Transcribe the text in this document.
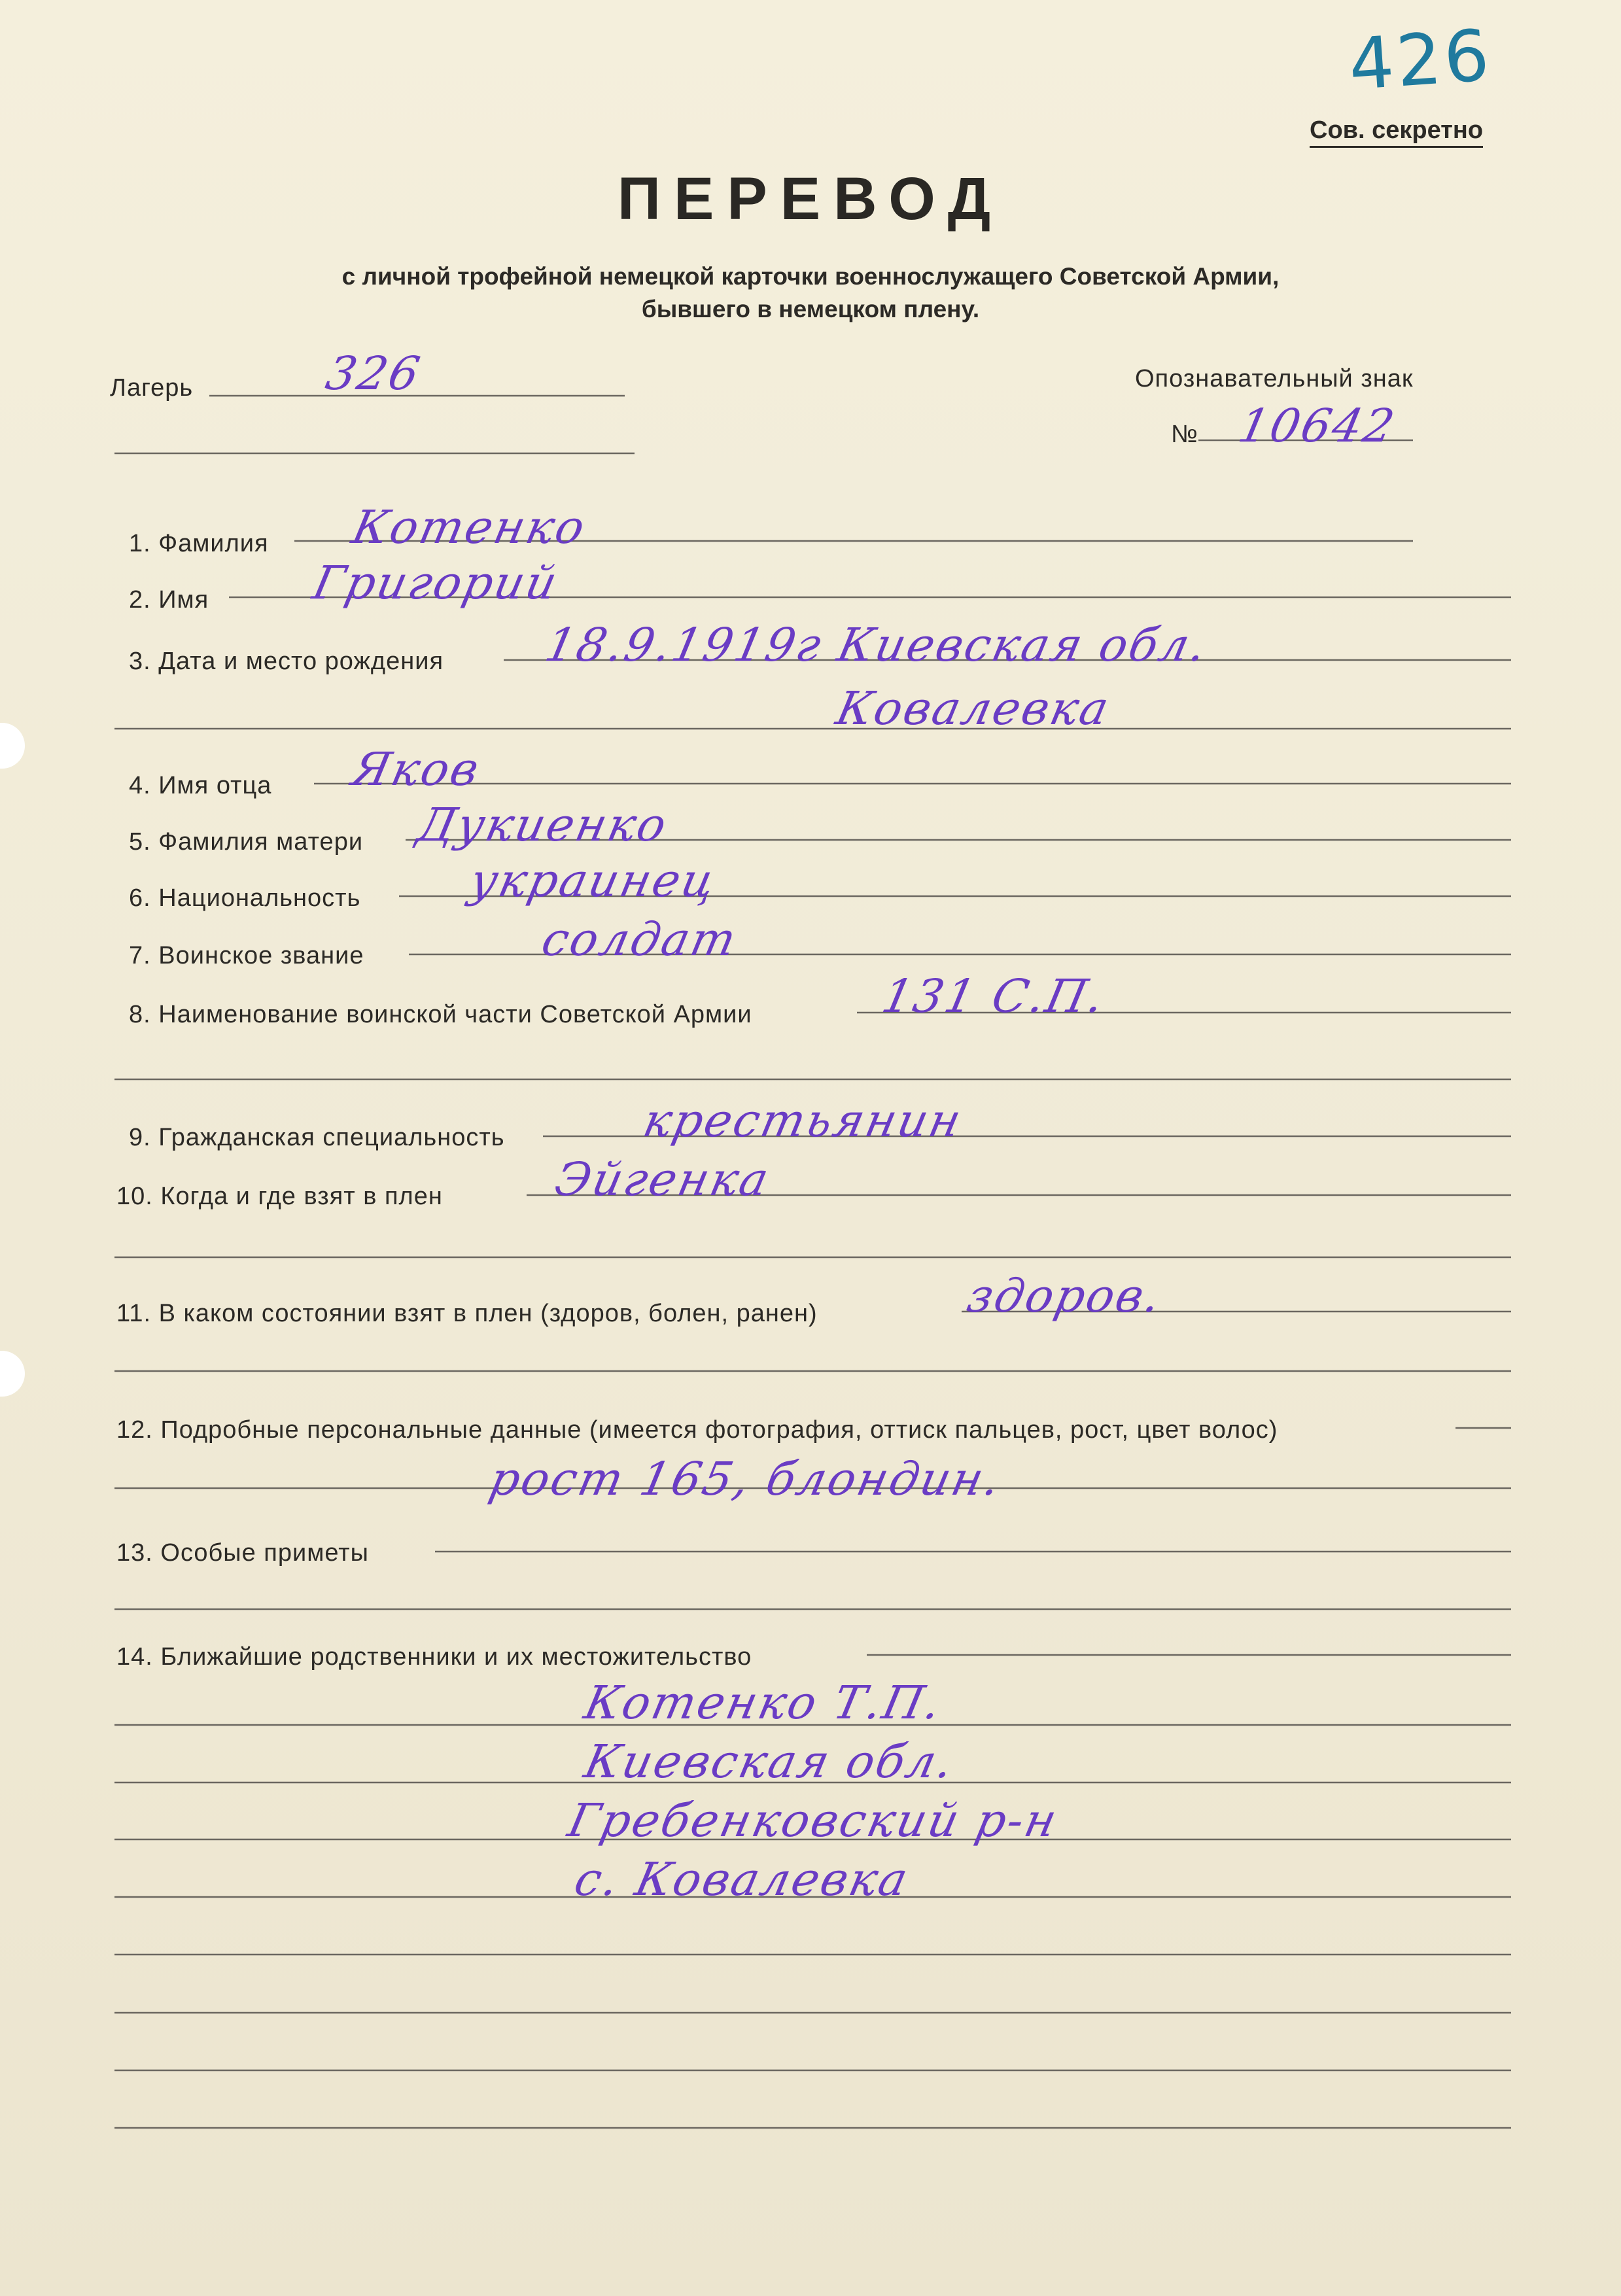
426
Сов. секретно
ПЕРЕВОД
с личной трофейной немецкой карточки военнослужащего Советской Армии,
бывшего в немецком плену.
Лагерь	326	Опознавательный знак
№ 10642
1. Фамилия Котенко
2. Имя Григорий
3. Дата и место рождения 18.9.1919г Киевская обл.
Ковалевка
4. Имя отца Яков
5. Фамилия матери Дукиенко
6. Национальность украинец
7. Воинское звание	солдат
8. Наименование воинской части Советской Армии	131 С.П.
9. Гражданская специальность	крестьянин
10. Когда и где взят в плен Эйгенка
11. В каком состоянии взят в плен (здоров, болен, ранен)	здоров.
12. Подробные персональные данные (имеется фотография, оттиск пальцев, рост, цвет волос)
рост 165, блондин.
13. Особые приметы
14. Ближайшие родственники и их местожительство
Котенко Т.П.
Киевская обл.
Гребенковский р-н
с. Ковалевка
